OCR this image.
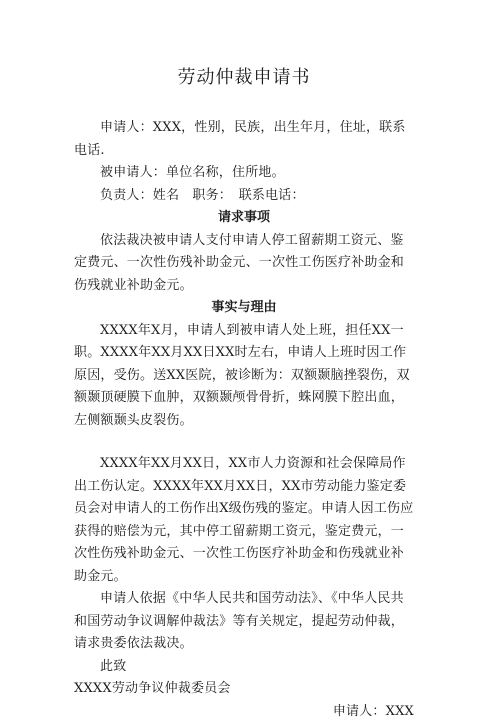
劳动仲裁申请书

申请人：XXX，性别，民族，出生年月，住址，联系电话.

被申请人：单位名称，住所地。

负责人：姓名　职务：　联系电话：

请求事项

依法裁决被申请人支付申请人停工留薪期工资元、鉴定费元、一次性伤残补助金元、一次性工伤医疗补助金和伤残就业补助金元。

事实与理由

XXXX年X月，申请人到被申请人处上班，担任XX一职。XXXX年XX月XX日XX时左右，申请人上班时因工作原因，受伤。送XX医院，被诊断为：双额颞脑挫裂伤，双额颞顶硬膜下血肿，双额颞颅骨骨折，蛛网膜下腔出血，左侧额颞头皮裂伤。

XXXX年XX月XX日，XX市人力资源和社会保障局作出工伤认定。XXXX年XX月XX日，XX市劳动能力鉴定委员会对申请人的工伤作出X级伤残的鉴定。申请人因工伤应获得的赔偿为元，其中停工留薪期工资元，鉴定费元，一次性伤残补助金元、一次性工伤医疗补助金和伤残就业补助金元。

申请人依据《中华人民共和国劳动法》、《中华人民共和国劳动争议调解仲裁法》等有关规定，提起劳动仲裁，请求贵委依法裁决。

此致

XXXX劳动争议仲裁委员会

申请人：XXX
